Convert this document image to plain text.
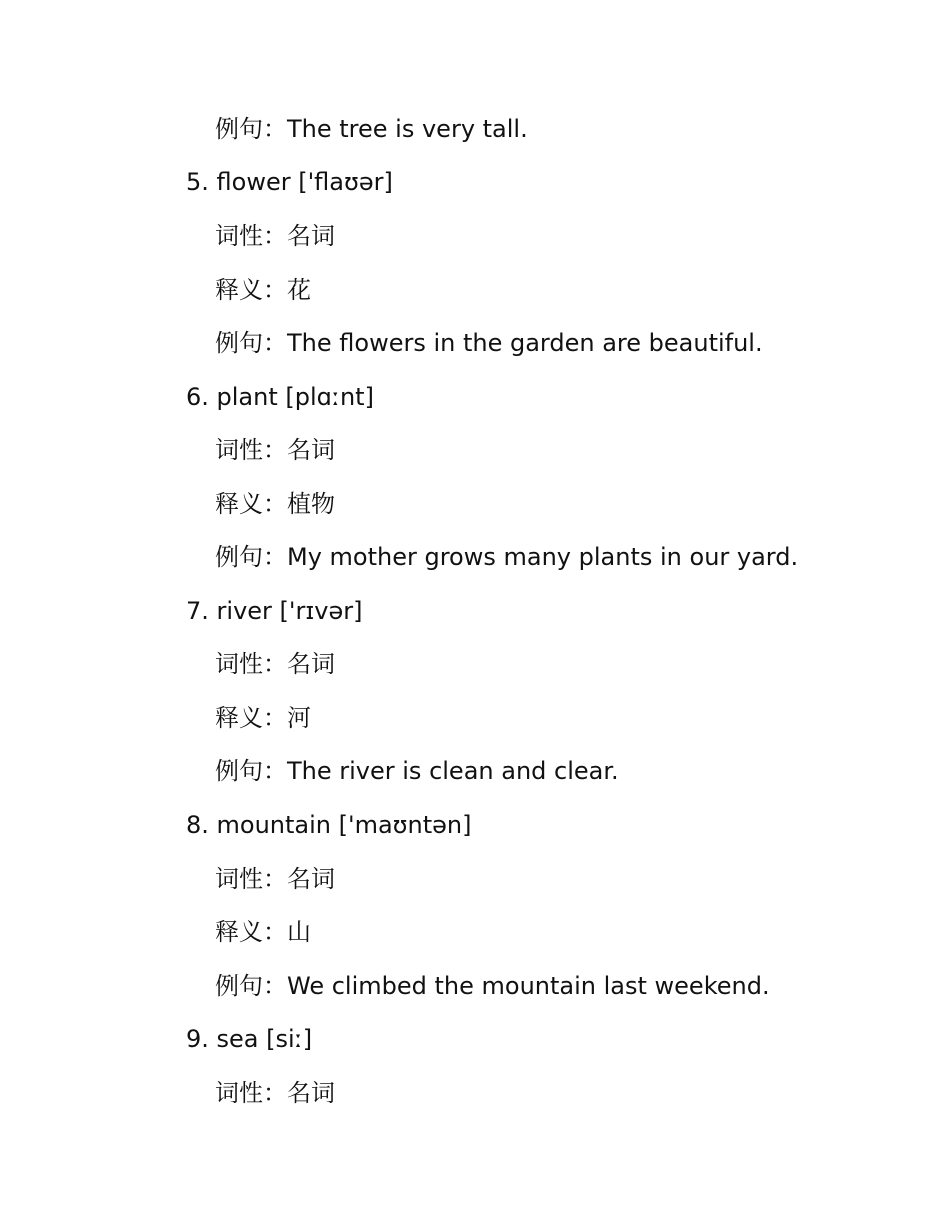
例句：The tree is very tall.
5. flower ['flaʊər]
词性：名词
释义：花
例句：The flowers in the garden are beautiful.
6. plant [plɑːnt]
词性：名词
释义：植物
例句：My mother grows many plants in our yard.
7. river ['rɪvər]
词性：名词
释义：河
例句：The river is clean and clear.
8. mountain ['maʊntən]
词性：名词
释义：山
例句：We climbed the mountain last weekend.
9. sea [siː]
词性：名词
